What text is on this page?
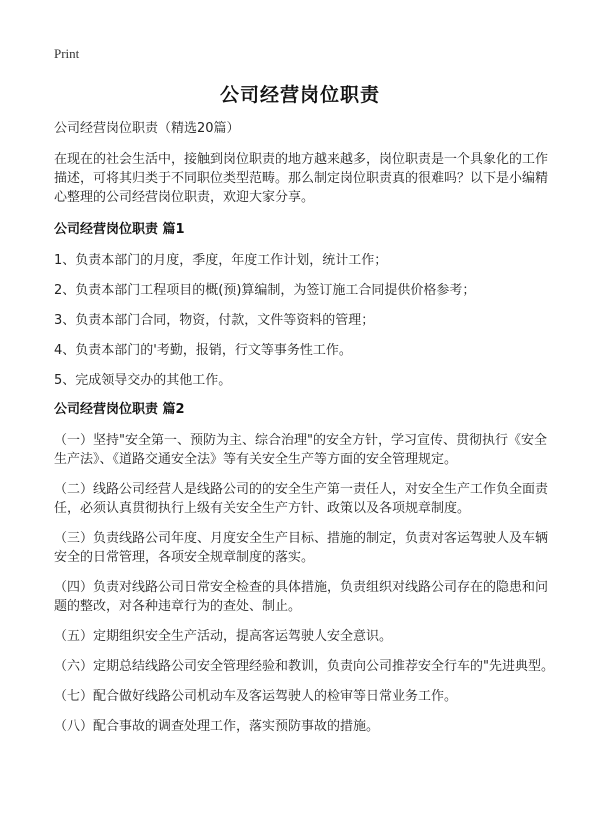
Print
公司经营岗位职责

公司经营岗位职责（精选20篇）

在现在的社会生活中，接触到岗位职责的地方越来越多，岗位职责是一个具象化的工作描述，可将其归类于不同职位类型范畴。那么制定岗位职责真的很难吗？以下是小编精心整理的公司经营岗位职责，欢迎大家分享。

公司经营岗位职责 篇1

1、负责本部门的月度，季度，年度工作计划，统计工作；

2、负责本部门工程项目的概(预)算编制，为签订施工合同提供价格参考；

3、负责本部门合同，物资，付款，文件等资料的管理；

4、负责本部门的'考勤，报销，行文等事务性工作。

5、完成领导交办的其他工作。

公司经营岗位职责 篇2

（一）坚持"安全第一、预防为主、综合治理"的安全方针，学习宣传、贯彻执行《安全生产法》、《道路交通安全法》等有关安全生产等方面的安全管理规定。

（二）线路公司经营人是线路公司的的安全生产第一责任人，对安全生产工作负全面责任，必须认真贯彻执行上级有关安全生产方针、政策以及各项规章制度。

（三）负责线路公司年度、月度安全生产目标、措施的制定，负责对客运驾驶人及车辆安全的日常管理，各项安全规章制度的落实。

（四）负责对线路公司日常安全检查的具体措施，负责组织对线路公司存在的隐患和问题的整改，对各种违章行为的查处、制止。

（五）定期组织安全生产活动，提高客运驾驶人安全意识。

（六）定期总结线路公司安全管理经验和教训，负责向公司推荐安全行车的"先进典型。

（七）配合做好线路公司机动车及客运驾驶人的检审等日常业务工作。

（八）配合事故的调查处理工作，落实预防事故的措施。
